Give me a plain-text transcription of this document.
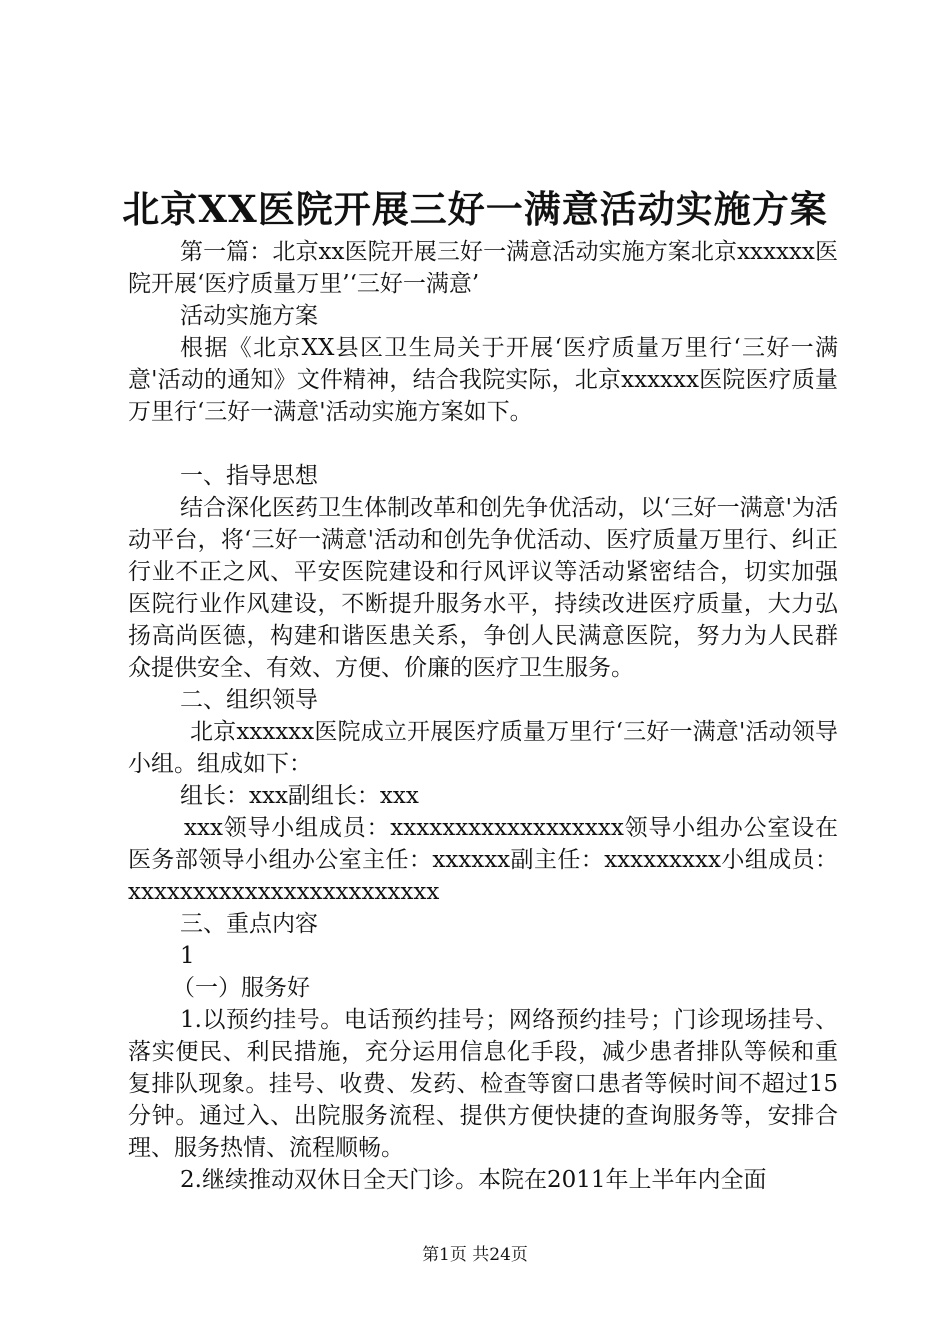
北京XX医院开展三好一满意活动实施方案

第一篇：北京xx医院开展三好一满意活动实施方案北京xxxxxx医院开展‘医疗质量万里’‘三好一满意’

活动实施方案

根据《北京XX县区卫生局关于开展‘医疗质量万里行‘三好一满意'活动的通知》文件精神，结合我院实际，北京xxxxxx医院医疗质量万里行‘三好一满意'活动实施方案如下。

一、指导思想

结合深化医药卫生体制改革和创先争优活动，以‘三好一满意'为活动平台，将‘三好一满意'活动和创先争优活动、医疗质量万里行、纠正行业不正之风、平安医院建设和行风评议等活动紧密结合，切实加强医院行业作风建设，不断提升服务水平，持续改进医疗质量，大力弘扬高尚医德，构建和谐医患关系，争创人民满意医院，努力为人民群众提供安全、有效、方便、价廉的医疗卫生服务。

二、组织领导

北京xxxxxx医院成立开展医疗质量万里行‘三好一满意'活动领导小组。组成如下：

组长：xxx副组长：xxx

xxx领导小组成员：xxxxxxxxxxxxxxxxxx领导小组办公室设在医务部领导小组办公室主任：xxxxxx副主任：xxxxxxxxx小组成员：xxxxxxxxxxxxxxxxxxxxxxxx

三、重点内容

1

（一）服务好

1.以预约挂号。电话预约挂号；网络预约挂号；门诊现场挂号、落实便民、利民措施，充分运用信息化手段，减少患者排队等候和重复排队现象。挂号、收费、发药、检查等窗口患者等候时间不超过15分钟。通过入、出院服务流程、提供方便快捷的查询服务等，安排合理、服务热情、流程顺畅。

2.继续推动双休日全天门诊。本院在2011年上半年内全面

第1页 共24页
